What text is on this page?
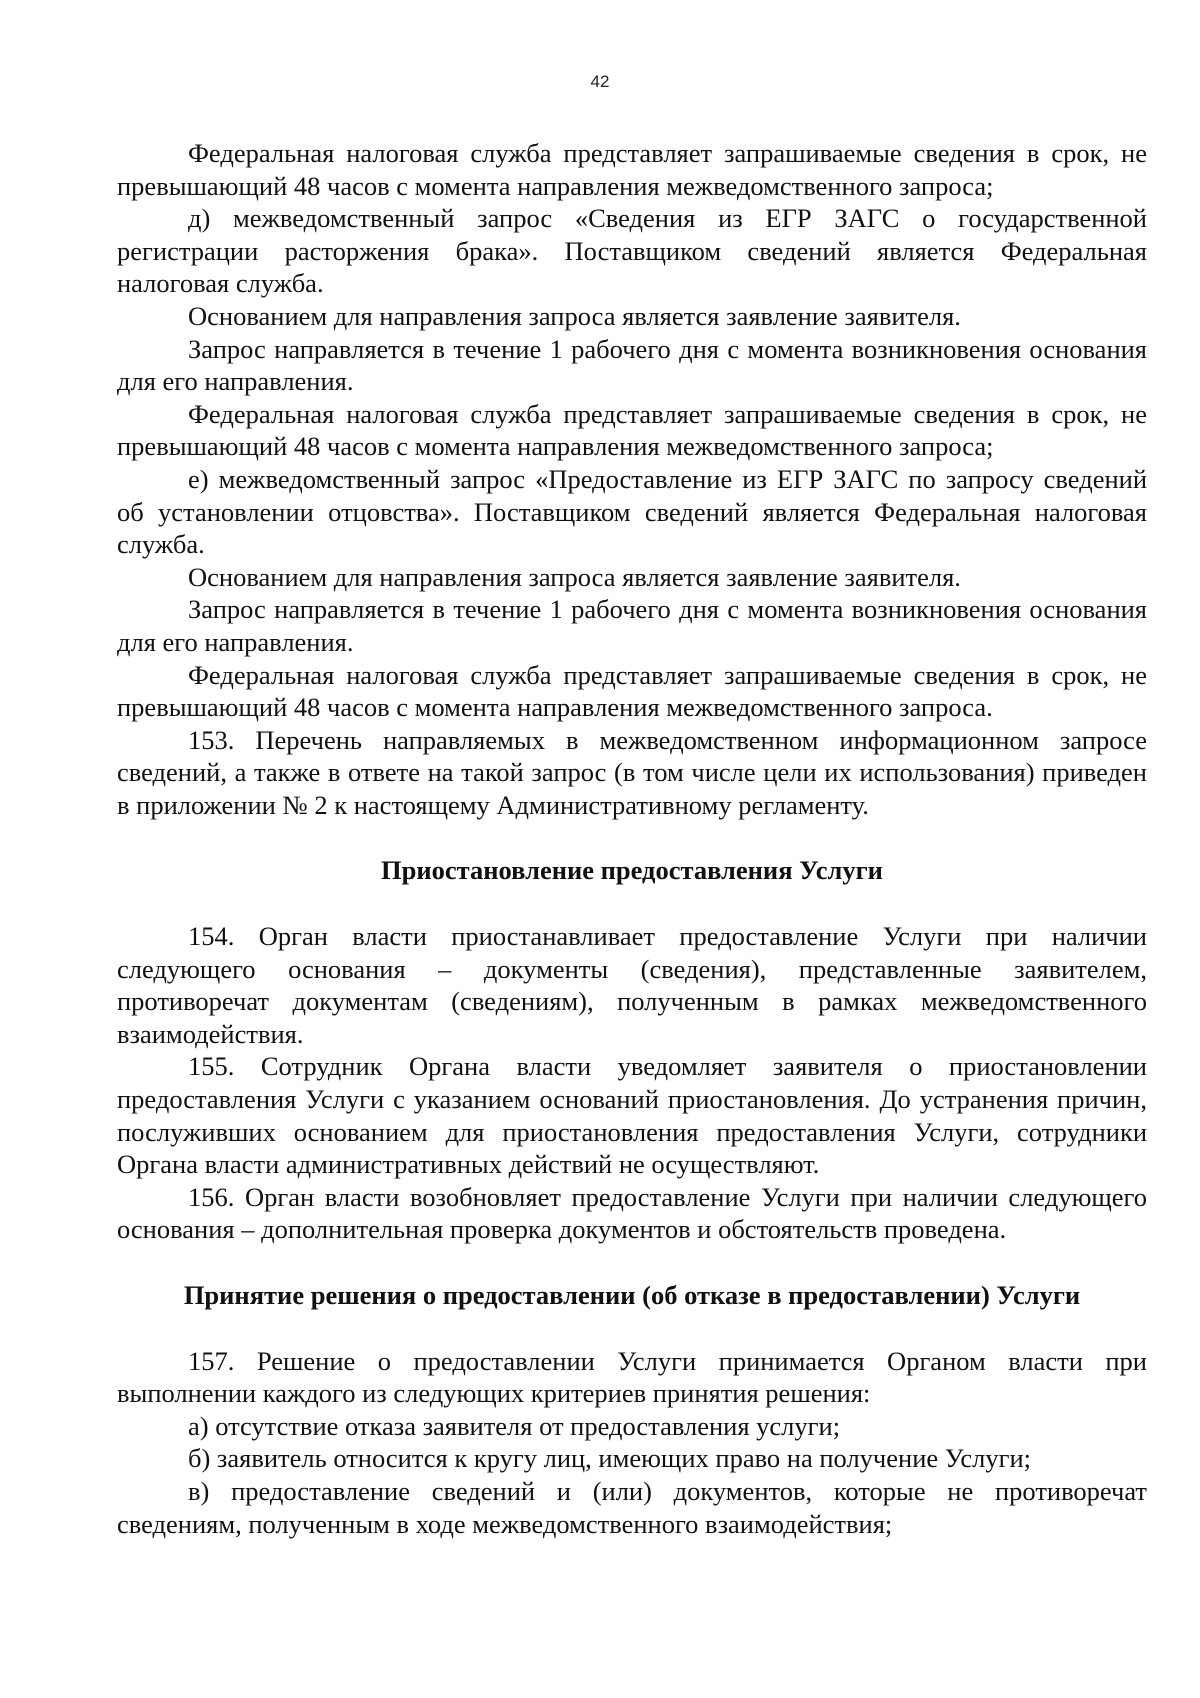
42

Федеральная налоговая служба представляет запрашиваемые сведения в срок, не превышающий 48 часов с момента направления межведомственного запроса;

д) межведомственный запрос «Сведения из ЕГР ЗАГС о государственной регистрации расторжения брака». Поставщиком сведений является Федеральная налоговая служба.

Основанием для направления запроса является заявление заявителя.

Запрос направляется в течение 1 рабочего дня с момента возникновения основания для его направления.

Федеральная налоговая служба представляет запрашиваемые сведения в срок, не превышающий 48 часов с момента направления межведомственного запроса;

е) межведомственный запрос «Предоставление из ЕГР ЗАГС по запросу сведений об установлении отцовства». Поставщиком сведений является Федеральная налоговая служба.

Основанием для направления запроса является заявление заявителя.

Запрос направляется в течение 1 рабочего дня с момента возникновения основания для его направления.

Федеральная налоговая служба представляет запрашиваемые сведения в срок, не превышающий 48 часов с момента направления межведомственного запроса.

153. Перечень направляемых в межведомственном информационном запросе сведений, а также в ответе на такой запрос (в том числе цели их использования) приведен в приложении № 2 к настоящему Административному регламенту.

Приостановление предоставления Услуги

154. Орган власти приостанавливает предоставление Услуги при наличии следующего основания – документы (сведения), представленные заявителем, противоречат документам (сведениям), полученным в рамках межведомственного взаимодействия.

155. Сотрудник Органа власти уведомляет заявителя о приостановлении предоставления Услуги с указанием оснований приостановления. До устранения причин, послуживших основанием для приостановления предоставления Услуги, сотрудники Органа власти административных действий не осуществляют.

156. Орган власти возобновляет предоставление Услуги при наличии следующего основания – дополнительная проверка документов и обстоятельств проведена.

Принятие решения о предоставлении (об отказе в предоставлении) Услуги

157. Решение о предоставлении Услуги принимается Органом власти при выполнении каждого из следующих критериев принятия решения:

а) отсутствие отказа заявителя от предоставления услуги;

б) заявитель относится к кругу лиц, имеющих право на получение Услуги;

в) предоставление сведений и (или) документов, которые не противоречат сведениям, полученным в ходе межведомственного взаимодействия;
